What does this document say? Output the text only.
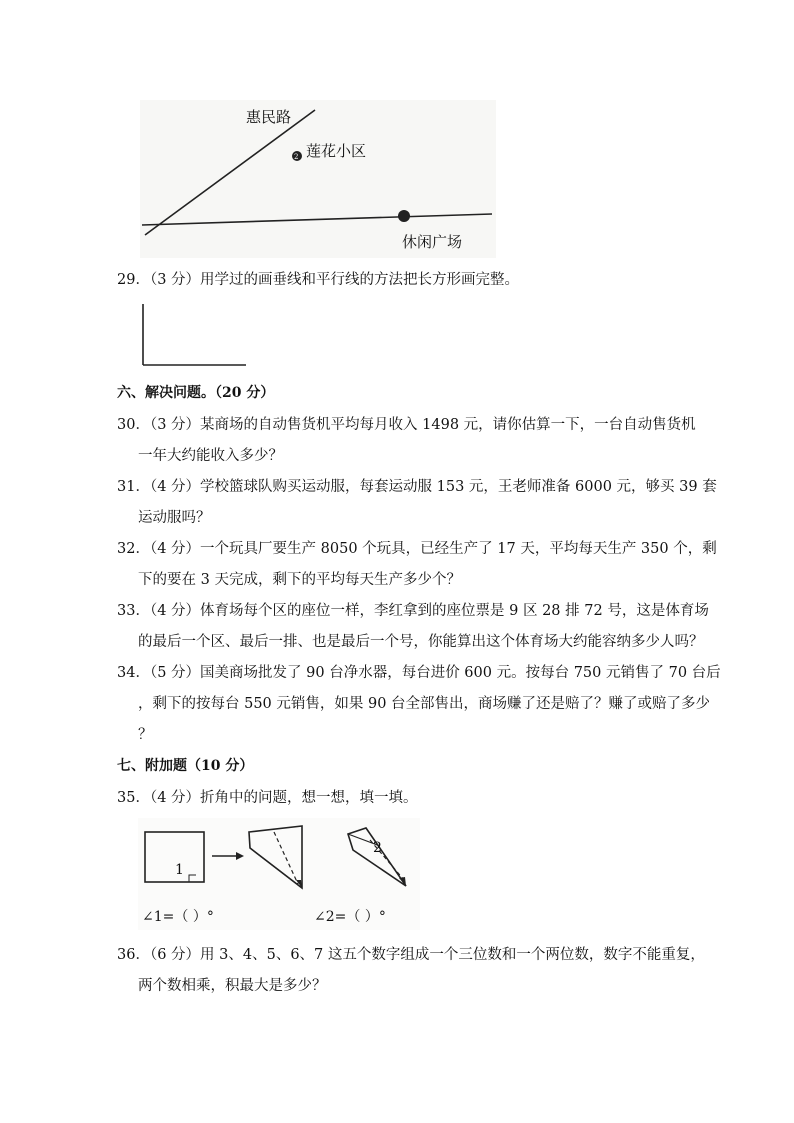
2
惠民路
莲花小区
休闲广场
29．（3 分）用学过的画垂线和平行线的方法把长方形画完整。
六、解决问题。（20 分）
30．（3 分）某商场的自动售货机平均每月收入 1498 元，请你估算一下，一台自动售货机
一年大约能收入多少？
31．（4 分）学校篮球队购买运动服，每套运动服 153 元，王老师准备 6000 元，够买 39 套
运动服吗？
32．（4 分）一个玩具厂要生产 8050 个玩具，已经生产了 17 天，平均每天生产 350 个，剩
下的要在 3 天完成，剩下的平均每天生产多少个？
33．（4 分）体育场每个区的座位一样，李红拿到的座位票是 9 区 28 排 72 号，这是体育场
的最后一个区、最后一排、也是最后一个号，你能算出这个体育场大约能容纳多少人吗？
34．（5 分）国美商场批发了 90 台净水器，每台进价 600 元。按每台 750 元销售了 70 台后
，剩下的按每台 550 元销售，如果 90 台全部售出，商场赚了还是赔了？赚了或赔了多少
？
七、附加题（10 分）
35．（4 分）折角中的问题，想一想，填一填。
1
2
∠1=（ ）°	∠2=（ ）°
36．（6 分）用 3、4、5、6、7 这五个数字组成一个三位数和一个两位数，数字不能重复，
两个数相乘，积最大是多少？
